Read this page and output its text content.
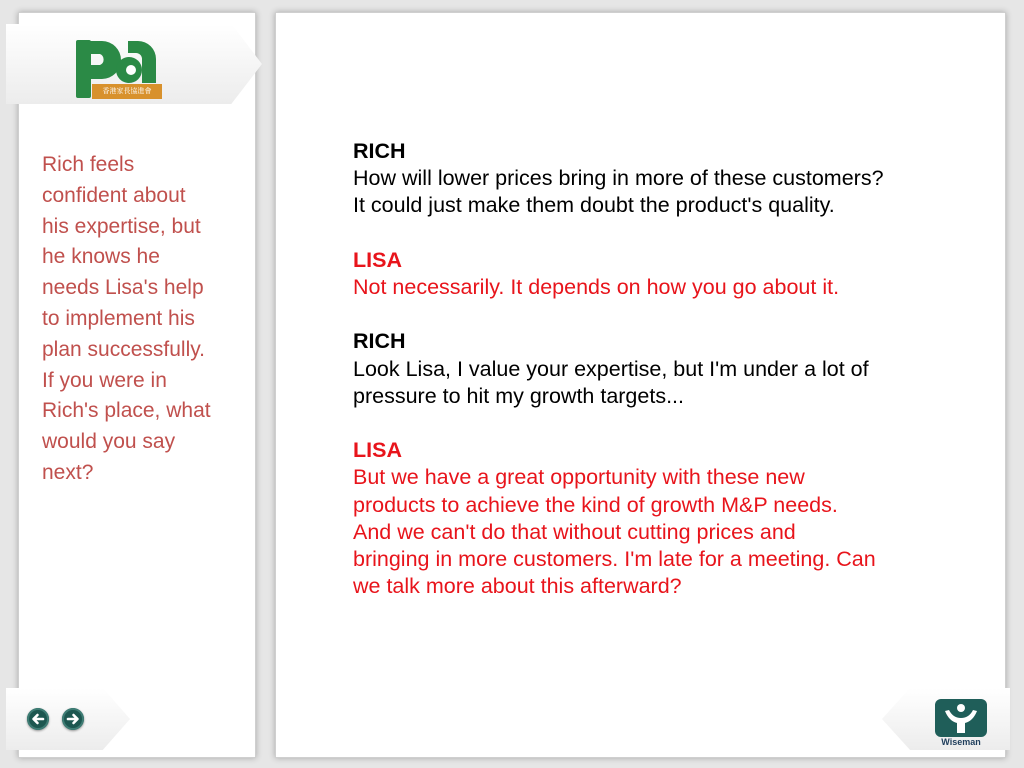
香港家長協進會

Rich feels
confident about
his expertise, but
he knows he
needs Lisa's help
to implement his
plan successfully.
If you were in
Rich's place, what
would you say
next?

Wiseman
RICH
How will lower prices bring in more of these customers?
It could just make them doubt the product's quality.
LISA
Not necessarily. It depends on how you go about it.
RICH
Look Lisa, I value your expertise, but I'm under a lot of
pressure to hit my growth targets...
LISA
But we have a great opportunity with these new
products to achieve the kind of growth M&P needs.
And we can't do that without cutting prices and
bringing in more customers. I'm late for a meeting. Can
we talk more about this afterward?
